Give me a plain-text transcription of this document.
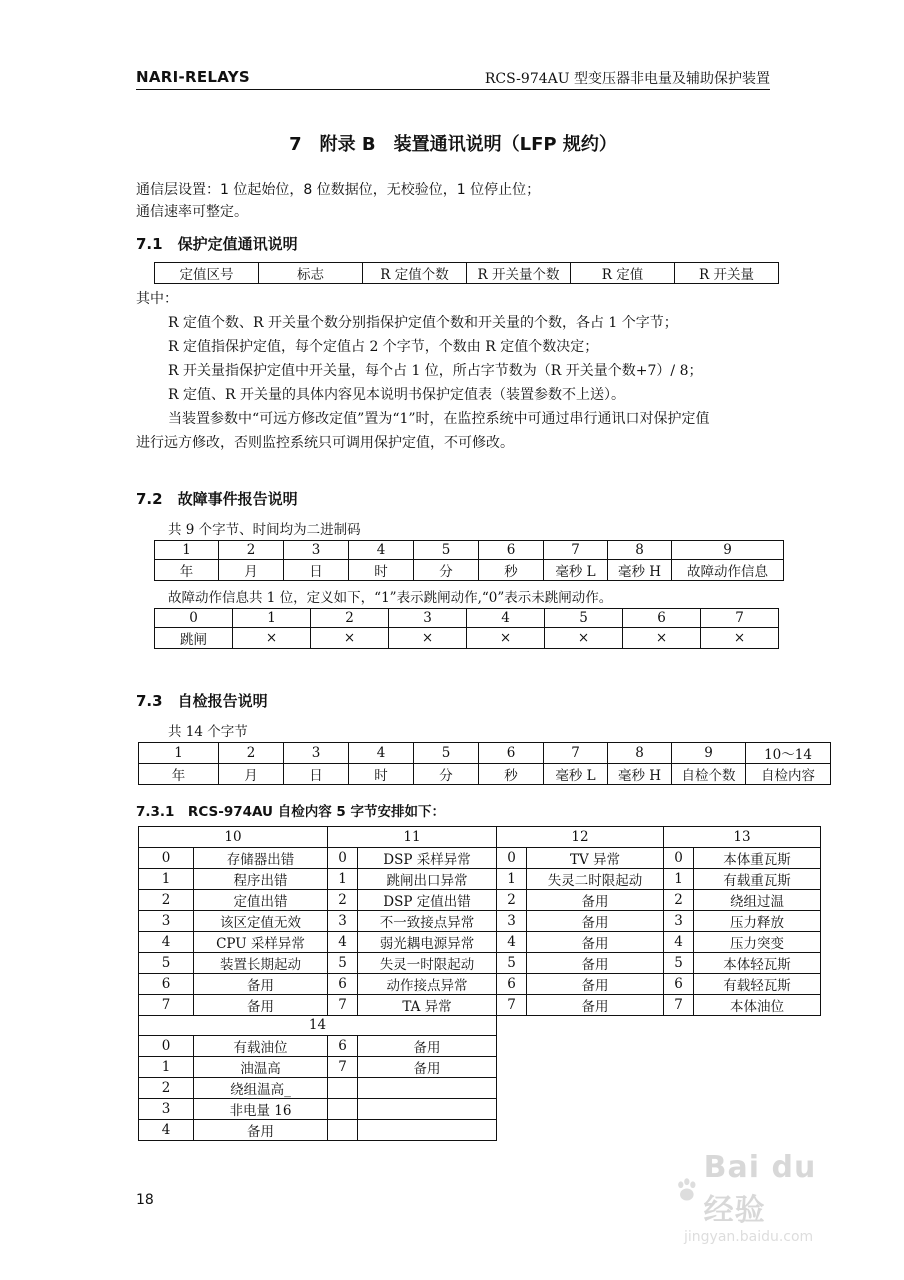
NARI-RELAYS	RCS-974AU 型变压器非电量及辅助保护装置
7　附录 B　装置通讯说明（LFP 规约）
通信层设置：1 位起始位，8 位数据位，无校验位，1 位停止位；
通信速率可整定。
7.1　保护定值通讯说明
定值区号	标志	R 定值个数	R 开关量个数	R 定值	R 开关量
其中：
R 定值个数、R 开关量个数分别指保护定值个数和开关量的个数，各占 1 个字节；
R 定值指保护定值，每个定值占 2 个字节，个数由 R 定值个数决定；
R 开关量指保护定值中开关量，每个占 1 位，所占字节数为（R 开关量个数+7）/ 8；
R 定值、R 开关量的具体内容见本说明书保护定值表（装置参数不上送）。
当装置参数中“可远方修改定值”置为“1”时，在监控系统中可通过串行通讯口对保护定值
进行远方修改，否则监控系统只可调用保护定值，不可修改。
7.2　故障事件报告说明
共 9 个字节、时间均为二进制码
1	2	3	4	5	6	7	8	9
年	月	日	时	分	秒	毫秒 L	毫秒 H	故障动作信息
故障动作信息共 1 位，定义如下，“1”表示跳闸动作,“0”表示未跳闸动作。
0	1	2	3	4	5	6	7
跳闸	×	×	×	×	×	×	×
7.3　自检报告说明
共 14 个字节
1	2	3	4	5	6	7	8	9	10～14
年	月	日	时	分	秒	毫秒 L	毫秒 H	自检个数	自检内容
7.3.1　RCS-974AU 自检内容 5 字节安排如下：
10		11		12		13	
0	存储器出错	0	DSP 采样异常	0	TV 异常	0	本体重瓦斯
1	程序出错	1	跳闸出口异常	1	失灵二时限起动	1	有载重瓦斯
2	定值出错	2	DSP 定值出错	2	备用	2	绕组过温
3	该区定值无效	3	不一致接点异常	3	备用	3	压力释放
4	CPU 采样异常	4	弱光耦电源异常	4	备用	4	压力突变
5	装置长期起动	5	失灵一时限起动	5	备用	5	本体轻瓦斯
6	备用	6	动作接点异常	6	备用	6	有载轻瓦斯
7	备用	7	TA 异常	7	备用	7	本体油位
14							
0	有载油位	6	备用				
1	油温高	7	备用				
2	绕组温高_						
3	非电量 16						
4	备用						
18
Bai du 经验
jingyan.baidu.com
